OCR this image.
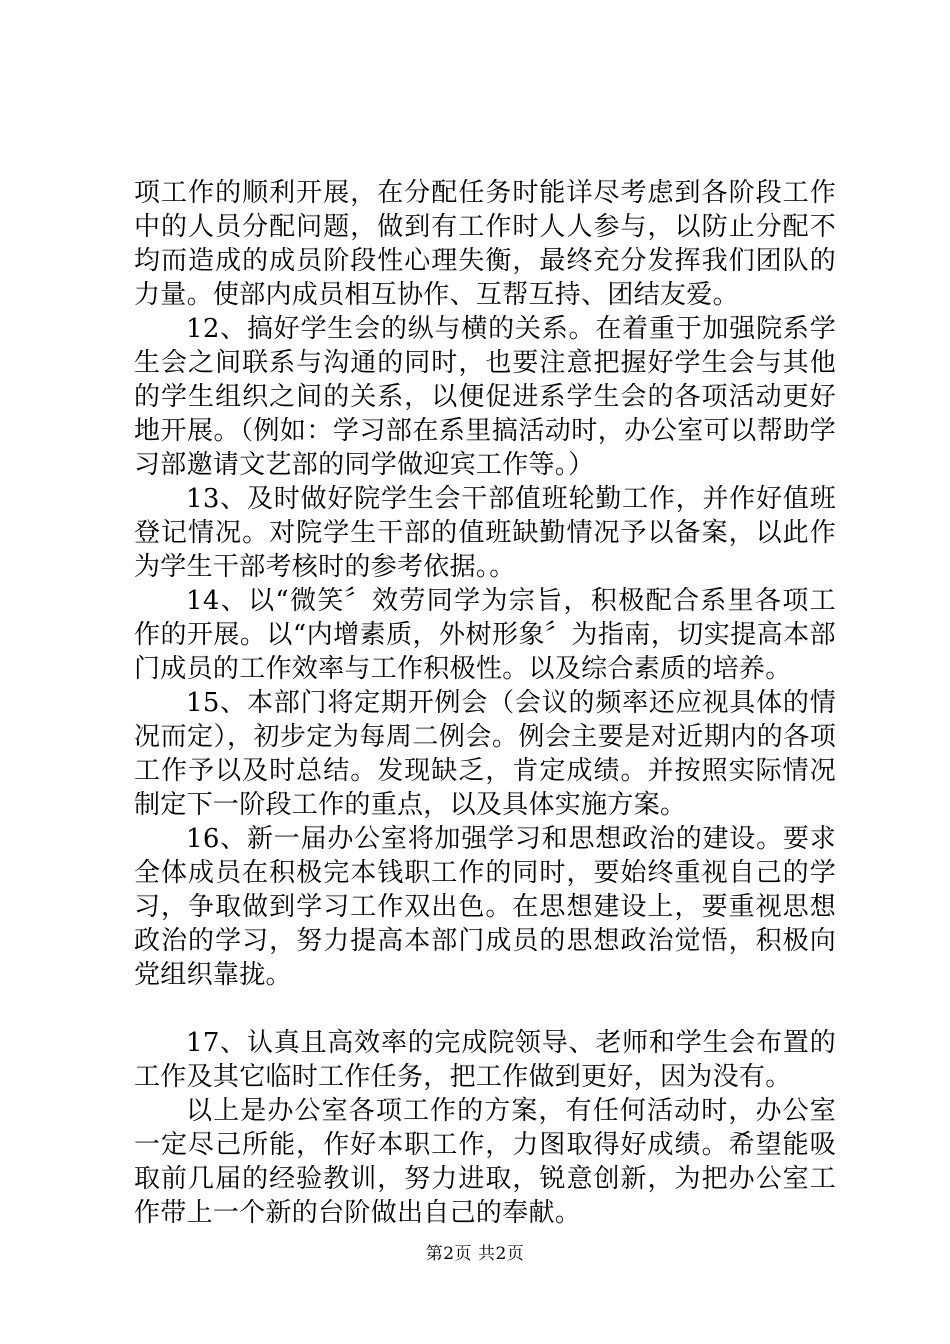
项工作的顺利开展，在分配任务时能详尽考虑到各阶段工作中的人员分配问题，做到有工作时人人参与，以防止分配不均而造成的成员阶段性心理失衡，最终充分发挥我们团队的力量。使部内成员相互协作、互帮互持、团结友爱。

12、搞好学生会的纵与横的关系。在着重于加强院系学生会之间联系与沟通的同时，也要注意把握好学生会与其他的学生组织之间的关系，以便促进系学生会的各项活动更好地开展。（例如：学习部在系里搞活动时，办公室可以帮助学习部邀请文艺部的同学做迎宾工作等。）

13、及时做好院学生会干部值班轮勤工作，并作好值班登记情况。对院学生干部的值班缺勤情况予以备案，以此作为学生干部考核时的参考依据。。

14、以“微笑〞效劳同学为宗旨，积极配合系里各项工作的开展。以“内增素质，外树形象〞为指南，切实提高本部门成员的工作效率与工作积极性。以及综合素质的培养。

15、本部门将定期开例会（会议的频率还应视具体的情况而定），初步定为每周二例会。例会主要是对近期内的各项工作予以及时总结。发现缺乏，肯定成绩。并按照实际情况制定下一阶段工作的重点，以及具体实施方案。

16、新一届办公室将加强学习和思想政治的建设。要求全体成员在积极完本钱职工作的同时，要始终重视自己的学习，争取做到学习工作双出色。在思想建设上，要重视思想政治的学习，努力提高本部门成员的思想政治觉悟，积极向党组织靠拢。

17、认真且高效率的完成院领导、老师和学生会布置的工作及其它临时工作任务，把工作做到更好，因为没有。

以上是办公室各项工作的方案，有任何活动时，办公室一定尽己所能，作好本职工作，力图取得好成绩。希望能吸取前几届的经验教训，努力进取，锐意创新，为把办公室工作带上一个新的台阶做出自己的奉献。

第2页 共2页
